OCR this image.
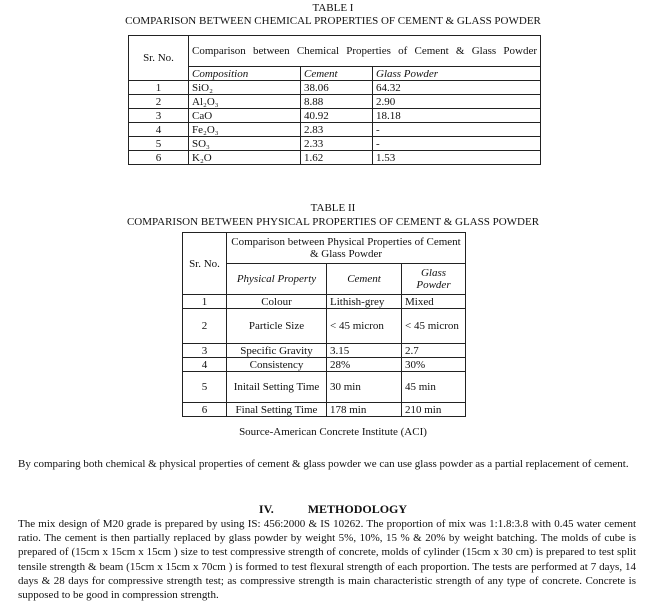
TABLE I
COMPARISON BETWEEN CHEMICAL PROPERTIES OF CEMENT & GLASS POWDER
Sr. No.	Comparison between Chemical Properties of Cement & Glass Powder		
	Composition	Cement	Glass Powder
1	SiO₂	38.06	64.32
2	Al₂O₃	8.88	2.90
3	CaO	40.92	18.18
4	Fe₂O₃	2.83	-
5	SO₃	2.33	-
6	K₂O	1.62	1.53
TABLE II
COMPARISON BETWEEN PHYSICAL PROPERTIES OF CEMENT & GLASS POWDER
Sr. No.	Comparison between Physical Properties of Cement & Glass Powder		
	Physical Property	Cement	Glass Powder
1	Colour	Lithish-grey	Mixed
2	Particle Size	< 45 micron	< 45 micron
3	Specific Gravity	3.15	2.7
4	Consistency	28%	30%
5	Initail Setting Time	30 min	45 min
6	Final Setting Time	178 min	210 min
Source-American Concrete Institute (ACI)
By comparing both chemical & physical properties of cement & glass powder we can use glass powder as a partial replacement of cement.
IV.	METHODOLOGY
The mix design of M20 grade is prepared by using IS: 456:2000 & IS 10262. The proportion of mix was 1:1.8:3.8 with 0.45 water cement ratio. The cement is then partially replaced by glass powder by weight 5%, 10%, 15 % & 20% by weight batching. The molds of cube is prepared of (15cm x 15cm x 15cm ) size to test compressive strength of concrete, molds of cylinder (15cm x 30 cm) is prepared to test split tensile strength & beam (15cm x 15cm x 70cm ) is formed to test flexural strength of each proportion. The tests are performed at 7 days, 14 days & 28 days for compressive strength test; as compressive strength is main characteristic strength of any type of concrete. Concrete is supposed to be good in compression strength.
